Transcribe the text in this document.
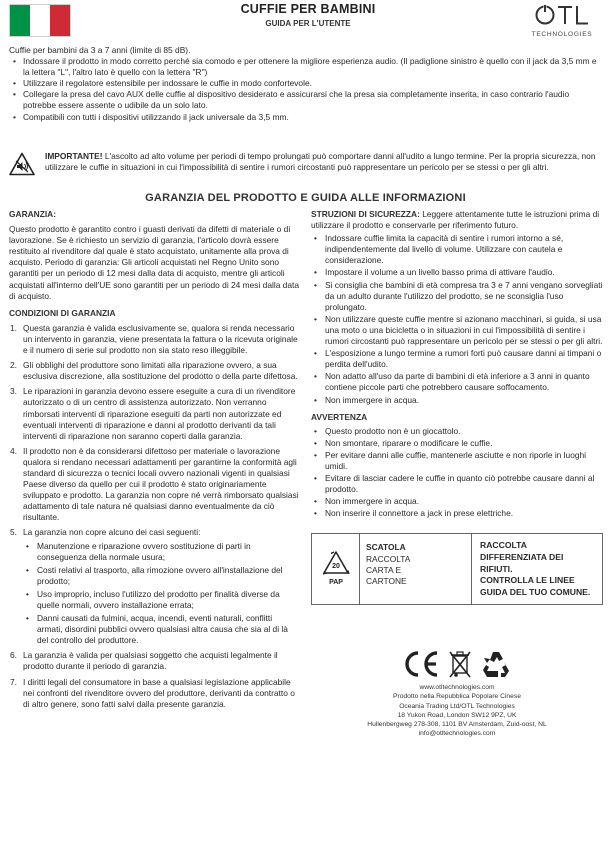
CUFFIE PER BAMBINI
GUIDA PER L'UTENTE
TECHNOLOGIES
Cuffie per bambini da 3 a 7 anni (limite di 85 dB).
• Indossare il prodotto in modo corretto perché sia comodo e per ottenere la migliore esperienza audio. (Il padiglione sinistro è quello con il jack da 3,5 mm e la lettera "L", l'altro lato è quello con la lettera "R")
• Utilizzare il regolatore estensibile per indossare le cuffie in modo confortevole.
• Collegare la presa del cavo AUX delle cuffie al dispositivo desiderato e assicurarsi che la presa sia completamente inserita, in caso contrario l'audio potrebbe essere assente o udibile da un solo lato.
• Compatibili con tutti i dispositivi utilizzando il jack universale da 3,5 mm.
IMPORTANTE! L'ascolto ad alto volume per periodi di tempo prolungati può comportare danni all'udito a lungo termine. Per la propria sicurezza, non utilizzare le cuffie in situazioni in cui l'impossibilità di sentire i rumori circostanti può rappresentare un pericolo per se stessi o per gli altri.
GARANZIA DEL PRODOTTO E GUIDA ALLE INFORMAZIONI
GARANZIA:
Questo prodotto è garantito contro i guasti derivati da difetti di materiale o di lavorazione. Se è richiesto un servizio di garanzia, l'articolo dovrà essere restituito al rivenditore dal quale è stato acquistato, unitamente alla prova di acquisto. Periodo di garanzia: Gli articoli acquistati nel Regno Unito sono garantiti per un periodo di 12 mesi dalla data di acquisto, mentre gli articoli acquistati all'interno dell'UE sono garantiti per un periodo di 24 mesi dalla data di acquisto.
CONDIZIONI DI GARANZIA
1. Questa garanzia è valida esclusivamente se, qualora si renda necessario un intervento in garanzia, viene presentata la fattura o la ricevuta originale e il numero di serie sul prodotto non sia stato reso illeggibile.
2. Gli obblighi del produttore sono limitati alla riparazione ovvero, a sua esclusiva discrezione, alla sostituzione del prodotto o della parte difettosa.
3. Le riparazioni in garanzia devono essere eseguite a cura di un rivenditore autorizzato o di un centro di assistenza autorizzato. Non verranno rimborsati interventi di riparazione eseguiti da parti non autorizzate ed eventuali interventi di riparazione e danni al prodotto derivanti da tali interventi di riparazione non saranno coperti dalla garanzia.
4. Il prodotto non è da considerarsi difettoso per materiale o lavorazione qualora si rendano necessari adattamenti per garantirne la conformità agli standard di sicurezza o tecnici locali ovvero nazionali vigenti in qualsiasi Paese diverso da quello per cui il prodotto è stato originariamente sviluppato e prodotto. La garanzia non copre né verrà rimborsato qualsiasi adattamento di tale natura né qualsiasi danno eventualmente da ciò risultante.
5. La garanzia non copre alcuno dei casi seguenti:
• Manutenzione e riparazione ovvero sostituzione di parti in conseguenza della normale usura;
• Costi relativi al trasporto, alla rimozione ovvero all'installazione del prodotto;
• Uso improprio, incluso l'utilizzo del prodotto per finalità diverse da quelle normali, ovvero installazione errata;
• Danni causati da fulmini, acqua, incendi, eventi naturali, conflitti armati, disordini pubblici ovvero qualsiasi altra causa che sia al di là del controllo del produttore.
6. La garanzia è valida per qualsiasi soggetto che acquisti legalmente il prodotto durante il periodo di garanzia.
7. I diritti legali del consumatore in base a qualsiasi legislazione applicabile nei confronti del rivenditore ovvero del produttore, derivanti da contratto o di altro genere, sono fatti salvi dalla presente garanzia.
STRUZIONI DI SICUREZZA: Leggere attentamente tutte le istruzioni prima di utilizzare il prodotto e conservarle per riferimento futuro.
• Indossare cuffie limita la capacità di sentire i rumori intorno a sé, indipendentemente dal livello di volume. Utilizzare con cautela e considerazione.
• Impostare il volume a un livello basso prima di attivare l'audio.
• Si consiglia che bambini di età compresa tra 3 e 7 anni vengano sorvegliati da un adulto durante l'utilizzo del prodotto, se ne sconsiglia l'uso prolungato.
• Non utilizzare queste cuffie mentre si azionano macchinari, si guida, si usa una moto o una bicicletta o in situazioni in cui l'impossibilità di sentire i rumori circostanti può rappresentare un pericolo per se stessi o per gli altri.
• L'esposizione a lungo termine a rumori forti può causare danni ai timpani o perdita dell'udito.
• Non adatto all'uso da parte di bambini di età inferiore a 3 anni in quanto contiene piccole parti che potrebbero causare soffocamento.
• Non immergere in acqua.
AVVERTENZA
• Questo prodotto non è un giocattolo.
• Non smontare, riparare o modificare le cuffie.
• Per evitare danni alle cuffie, mantenerle asciutte e non riporle in luoghi umidi.
• Evitare di lasciar cadere le cuffie in quanto ciò potrebbe causare danni al prodotto.
• Non immergere in acqua.
• Non inserire il connettore a jack in prese elettriche.
20
PAP
SCATOLA
RACCOLTA
CARTA E
CARTONE
RACCOLTA
DIFFERENZIATA DEI
RIFIUTI.
CONTROLLA LE LINEE
GUIDA DEL TUO COMUNE.
www.otltechnologies.com
Prodotto nella Repubblica Popolare Cinese
Oceania Trading Ltd/OTL Technologies
18 Yukon Road, London SW12 9PZ, UK
Hullenbergweg 278-308, 1101 BV Amsterdam, Zuid-oost, NL
info@otltechnologies.com
